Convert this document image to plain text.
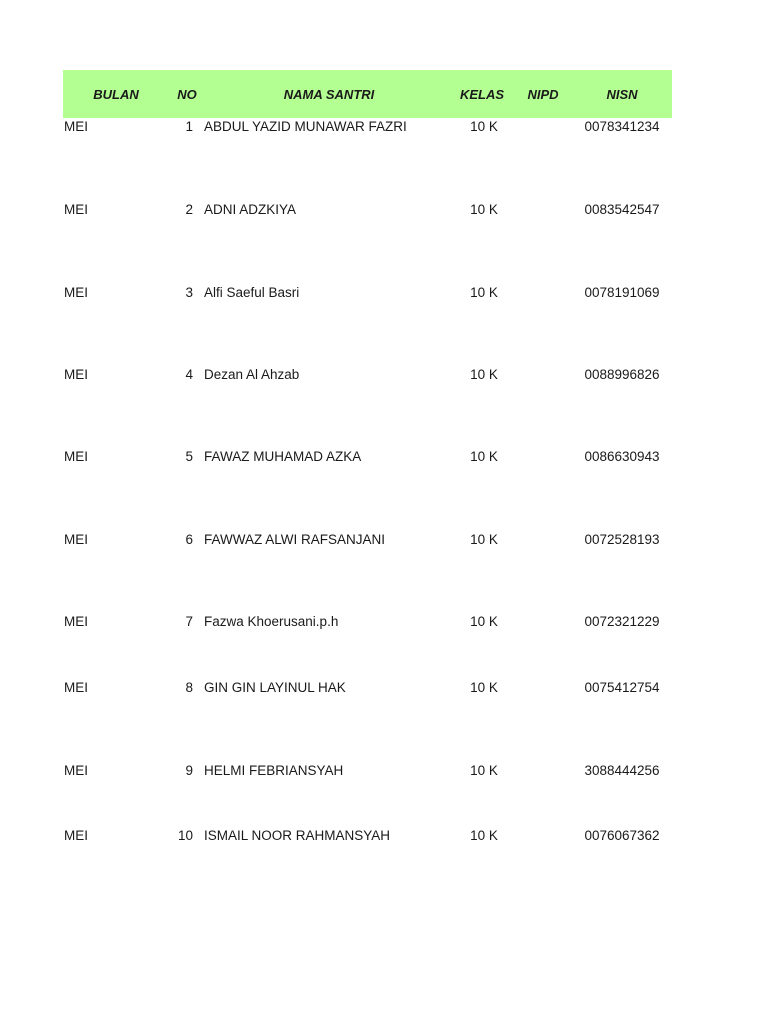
BULAN	NO	NAMA SANTRI	KELAS NIPD	NISN
MEI	1 ABDUL YAZID MUNAWAR FAZRI	10 K	0078341234
MEI	2 ADNI ADZKIYA	10 K	0083542547
MEI	3 Alfi Saeful Basri	10 K	0078191069
MEI	4 Dezan Al Ahzab	10 K	0088996826
MEI	5 FAWAZ MUHAMAD AZKA	10 K	0086630943
MEI	6 FAWWAZ ALWI RAFSANJANI	10 K	0072528193
MEI	7 Fazwa Khoerusani.p.h	10 K	0072321229
MEI	8 GIN GIN LAYINUL HAK	10 K	0075412754
MEI	9 HELMI FEBRIANSYAH	10 K	3088444256
MEI	10 ISMAIL NOOR RAHMANSYAH	10 K	0076067362
